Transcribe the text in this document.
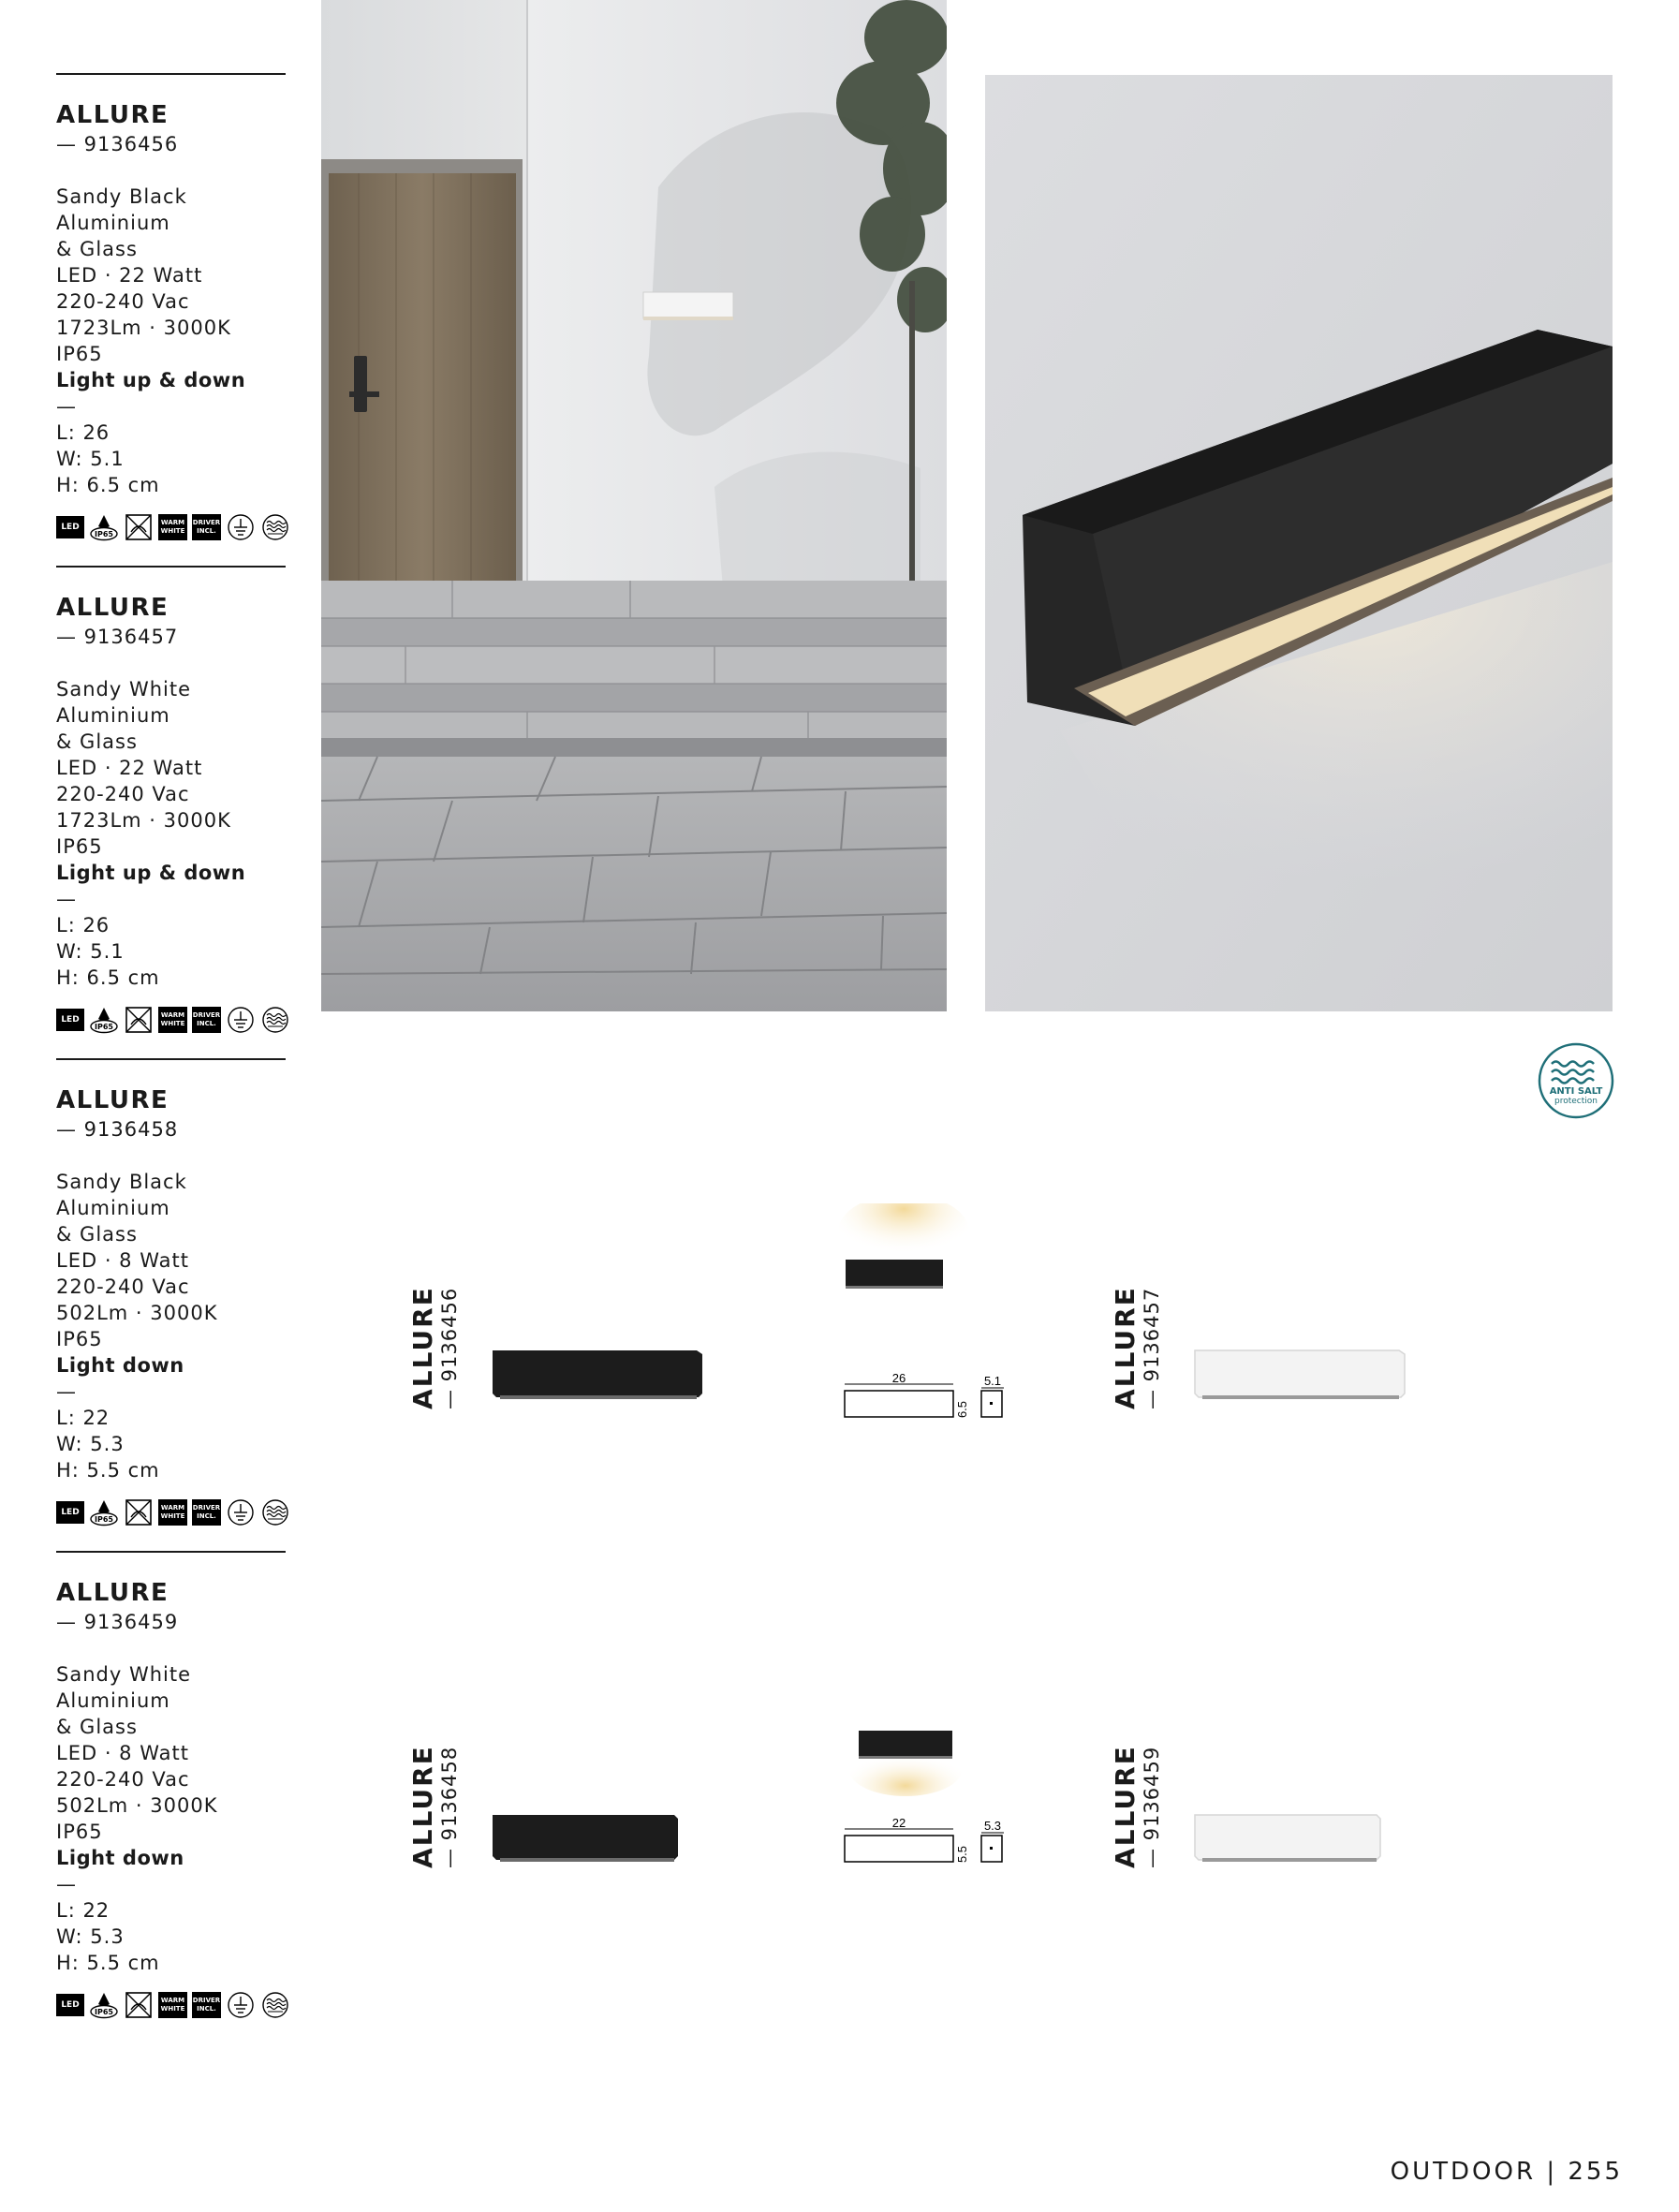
ALLURE
— 9136456
Sandy Black
Aluminium
& Glass
LED · 22 Watt
220-240 Vac
1723Lm · 3000K
IP65
Light up & down
—
L: 26
W: 5.1
H: 6.5 cm
LED
IP65
WARM
WHITE
DRIVER
INCL.
ALLURE
— 9136457
Sandy White
Aluminium
& Glass
LED · 22 Watt
220-240 Vac
1723Lm · 3000K
IP65
Light up & down
—
L: 26
W: 5.1
H: 6.5 cm
LED
IP65
WARM
WHITE
DRIVER
INCL.
ALLURE
— 9136458
Sandy Black
Aluminium
& Glass
LED · 8 Watt
220-240 Vac
502Lm · 3000K
IP65
Light down
—
L: 22
W: 5.3
H: 5.5 cm
LED
IP65
WARM
WHITE
DRIVER
INCL.
ALLURE
— 9136459
Sandy White
Aluminium
& Glass
LED · 8 Watt
220-240 Vac
502Lm · 3000K
IP65
Light down
—
L: 22
W: 5.3
H: 5.5 cm
LED
IP65
WARM
WHITE
DRIVER
INCL.
ANTI SALT
protection
ALLURE — 9136456	26
6.5
5.1	ALLURE — 9136457
ALLURE — 9136458	22
5.5
5.3	ALLURE — 9136459
OUTDOOR | 255
